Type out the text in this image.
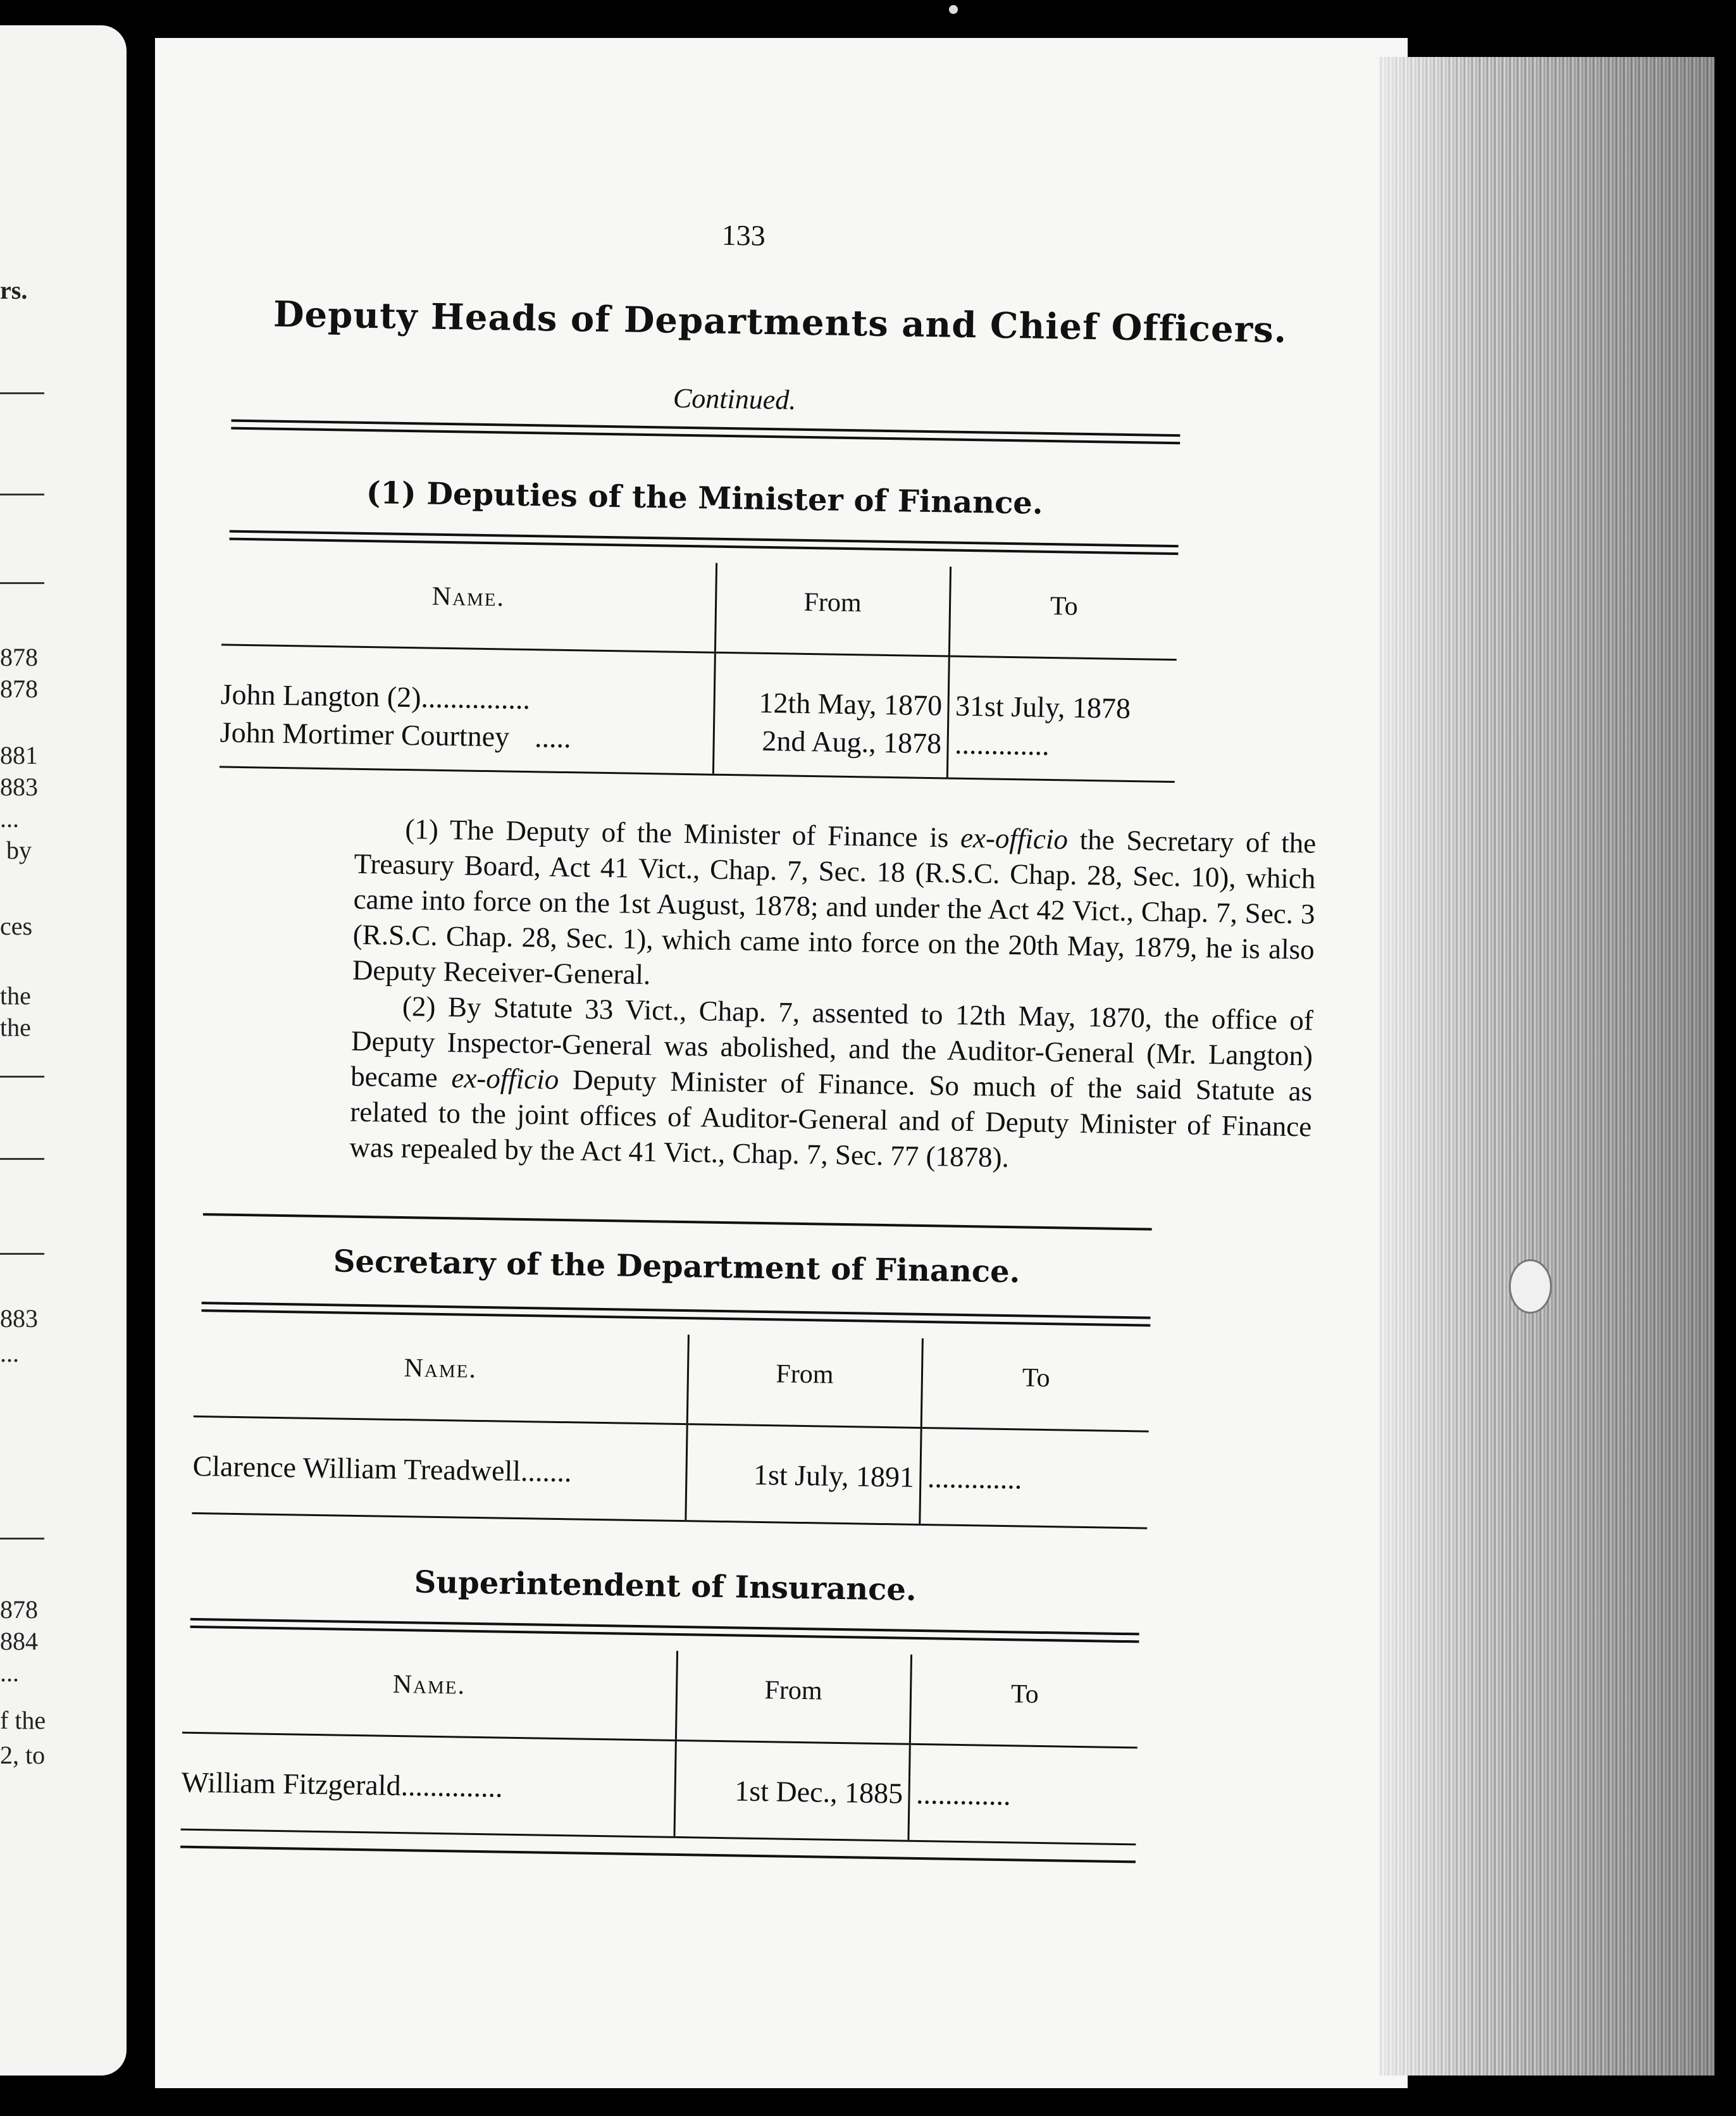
rs.
878
878
881
883
...
by
ces
the
the
883
...
878
884
...
f the
2, to
133
Deputy Heads of Departments and Chief Officers.
Continued.
(1) Deputies of the Minister of Finance.
Name.	From	To

John Langton (2)...............	12th May, 1870	31st July, 1878
John Mortimer Courtney .....	2nd Aug., 1878	.............

(1) The Deputy of the Minister of Finance is ex-officio the Secretary of the Treasury Board, Act 41 Vict., Chap. 7, Sec. 18 (R.S.C. Chap. 28, Sec. 10), which came into force on the 1st August, 1878; and under the Act 42 Vict., Chap. 7, Sec. 3 (R.S.C. Chap. 28, Sec. 1), which came into force on the 20th May, 1879, he is also Deputy Receiver-General.

(2) By Statute 33 Vict., Chap. 7, assented to 12th May, 1870, the office of Deputy Inspector-General was abolished, and the Auditor-General (Mr. Langton) became ex-officio Deputy Minister of Finance. So much of the said Statute as related to the joint offices of Auditor-General and of Deputy Minister of Finance was repealed by the Act 41 Vict., Chap. 7, Sec. 77 (1878).

Secretary of the Department of Finance.
Name.	From	To

Clarence William Treadwell.......	1st July, 1891	.............
Superintendent of Insurance.
Name.	From	To

William Fitzgerald..............	1st Dec., 1885	.............
